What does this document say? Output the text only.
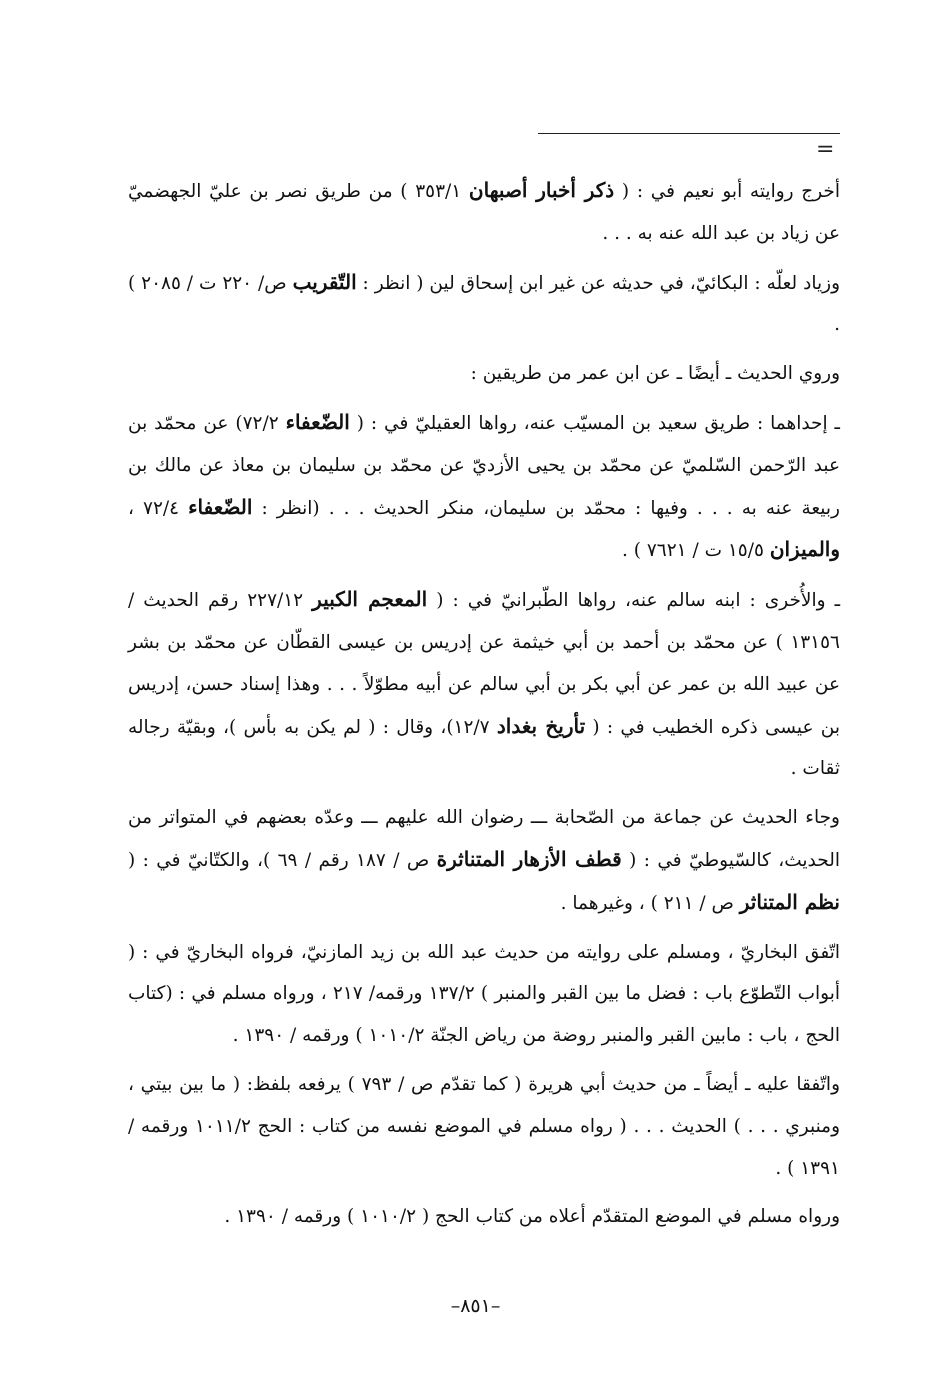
=

أخرج روايته أبو نعيم في : ( ذكر أخبار أصبهان ٣٥٣/١ ) من طريق نصر بن عليّ الجهضميّ عن زياد بن عبد الله عنه به . . .

وزياد لعلّه : البكائيّ، في حديثه عن غير ابن إسحاق لين ( انظر : التّقريب ص/ ٢٢٠ ت / ٢٠٨٥ ) .

وروي الحديث ـ أيضًا ـ عن ابن عمر من طريقين :

ـ إحداهما : طريق سعيد بن المسيّب عنه، رواها العقيليّ في : ( الضّعفاء ٧٢/٢) عن محمّد بن عبد الرّحمن السّلميّ عن محمّد بن يحيى الأزديّ عن محمّد بن سليمان بن معاذ عن مالك بن ربيعة عنه به . . . وفيها : محمّد بن سليمان، منكر الحديث . . . (انظر : الضّعفاء ٧٢/٤ ، والميزان ١٥/٥ ت / ٧٦٢١ ) .

ـ والأُخرى : ابنه سالم عنه، رواها الطّبرانيّ في : ( المعجم الكبير ٢٢٧/١٢ رقم الحديث / ١٣١٥٦ ) عن محمّد بن أحمد بن أبي خيثمة عن إدريس بن عيسى القطّان عن محمّد بن بشر عن عبيد الله بن عمر عن أبي بكر بن أبي سالم عن أبيه مطوّلاً . . . وهذا إسناد حسن، إدريس بن عيسى ذكره الخطيب في : ( تأريخ بغداد ١٢/٧)، وقال : ( لم يكن به بأس )، وبقيّة رجاله ثقات .

وجاء الحديث عن جماعة من الصّحابة ـــ رضوان الله عليهم ـــ وعدّه بعضهم في المتواتر من الحديث، كالسّيوطيّ في : ( قطف الأزهار المتناثرة ص / ١٨٧ رقم / ٦٩ )، والكتّانيّ في : ( نظم المتناثر ص / ٢١١ ) ، وغيرهما .

اتّفق البخاريّ ، ومسلم على روايته من حديث عبد الله بن زيد المازنيّ، فرواه البخاريّ في : ( أبواب التّطوّع باب : فضل ما بين القبر والمنبر ) ١٣٧/٢ ورقمه/ ٢١٧ ، ورواه مسلم في : (كتاب الحج ، باب : مابين القبر والمنبر روضة من رياض الجنّة ١٠١٠/٢ ) ورقمه / ١٣٩٠ .

واتّفقا عليه ـ أيضاً ـ من حديث أبي هريرة ( كما تقدّم ص / ٧٩٣ ) يرفعه بلفظ: ( ما بين بيتي ، ومنبري . . . ) الحديث . . . ( رواه مسلم في الموضع نفسه من كتاب : الحج ١٠١١/٢ ورقمه / ١٣٩١ ) .

ورواه مسلم في الموضع المتقدّم أعلاه من كتاب الحج ( ١٠١٠/٢ ) ورقمه / ١٣٩٠ .

–٨٥١–
